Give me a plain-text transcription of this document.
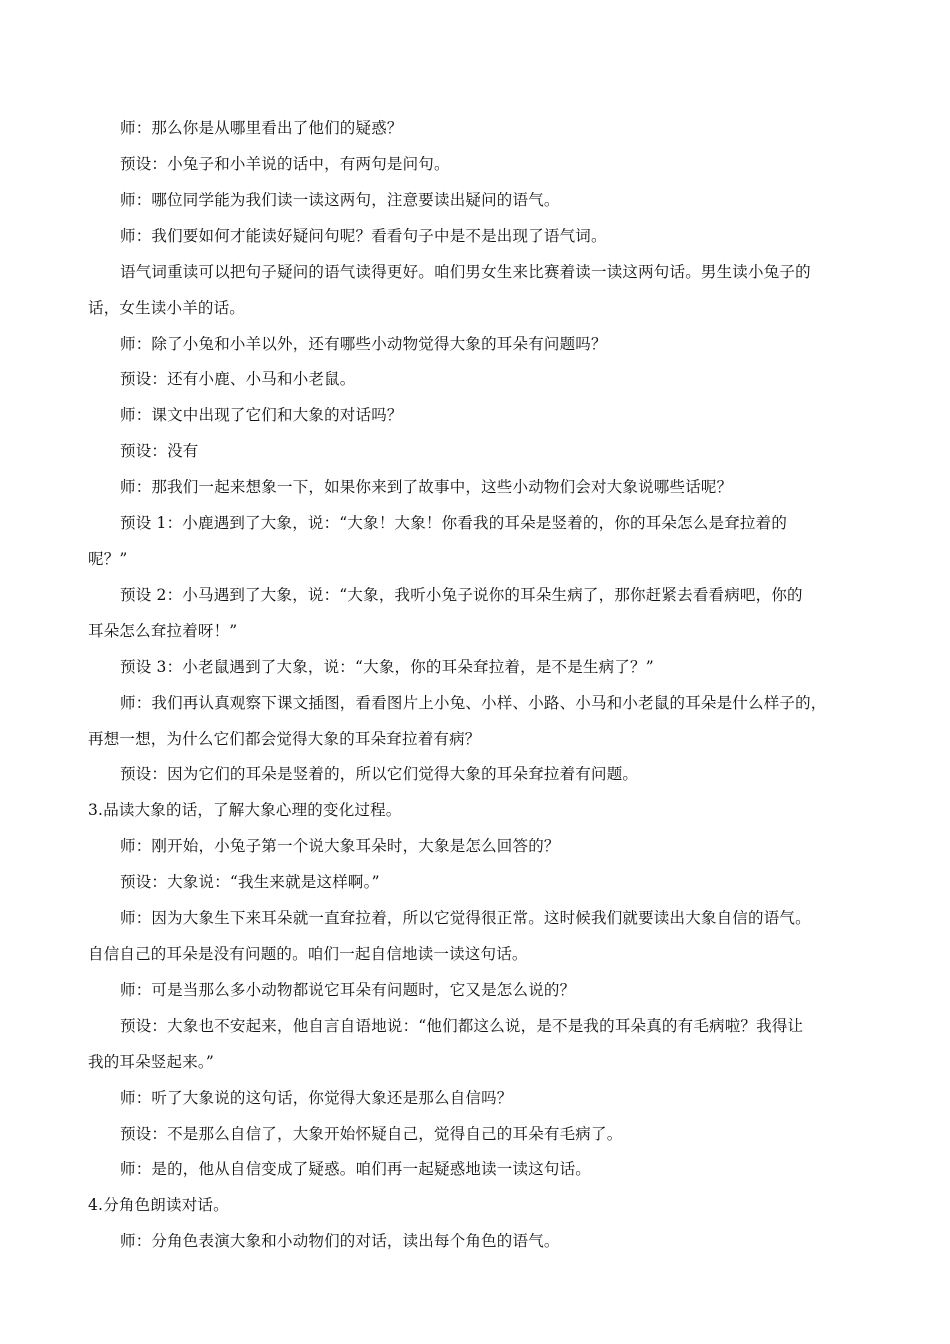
师：那么你是从哪里看出了他们的疑惑？
预设：小兔子和小羊说的话中，有两句是问句。
师：哪位同学能为我们读一读这两句，注意要读出疑问的语气。
师：我们要如何才能读好疑问句呢？看看句子中是不是出现了语气词。
语气词重读可以把句子疑问的语气读得更好。咱们男女生来比赛着读一读这两句话。男生读小兔子的
话，女生读小羊的话。
师：除了小兔和小羊以外，还有哪些小动物觉得大象的耳朵有问题吗？
预设：还有小鹿、小马和小老鼠。
师：课文中出现了它们和大象的对话吗？
预设：没有
师：那我们一起来想象一下，如果你来到了故事中，这些小动物们会对大象说哪些话呢？
预设 1：小鹿遇到了大象，说：“大象！大象！你看我的耳朵是竖着的，你的耳朵怎么是耷拉着的
呢？”
预设 2：小马遇到了大象，说：“大象，我听小兔子说你的耳朵生病了，那你赶紧去看看病吧，你的
耳朵怎么耷拉着呀！”
预设 3：小老鼠遇到了大象，说：“大象，你的耳朵耷拉着，是不是生病了？”
师：我们再认真观察下课文插图，看看图片上小兔、小样、小路、小马和小老鼠的耳朵是什么样子的，
再想一想，为什么它们都会觉得大象的耳朵耷拉着有病？
预设：因为它们的耳朵是竖着的，所以它们觉得大象的耳朵耷拉着有问题。
3.品读大象的话，了解大象心理的变化过程。
师：刚开始，小兔子第一个说大象耳朵时，大象是怎么回答的？
预设：大象说：“我生来就是这样啊。”
师：因为大象生下来耳朵就一直耷拉着，所以它觉得很正常。这时候我们就要读出大象自信的语气。
自信自己的耳朵是没有问题的。咱们一起自信地读一读这句话。
师：可是当那么多小动物都说它耳朵有问题时，它又是怎么说的？
预设：大象也不安起来，他自言自语地说：“他们都这么说，是不是我的耳朵真的有毛病啦？我得让
我的耳朵竖起来。”
师：听了大象说的这句话，你觉得大象还是那么自信吗？
预设：不是那么自信了，大象开始怀疑自己，觉得自己的耳朵有毛病了。
师：是的，他从自信变成了疑惑。咱们再一起疑惑地读一读这句话。
4.分角色朗读对话。
师：分角色表演大象和小动物们的对话，读出每个角色的语气。
